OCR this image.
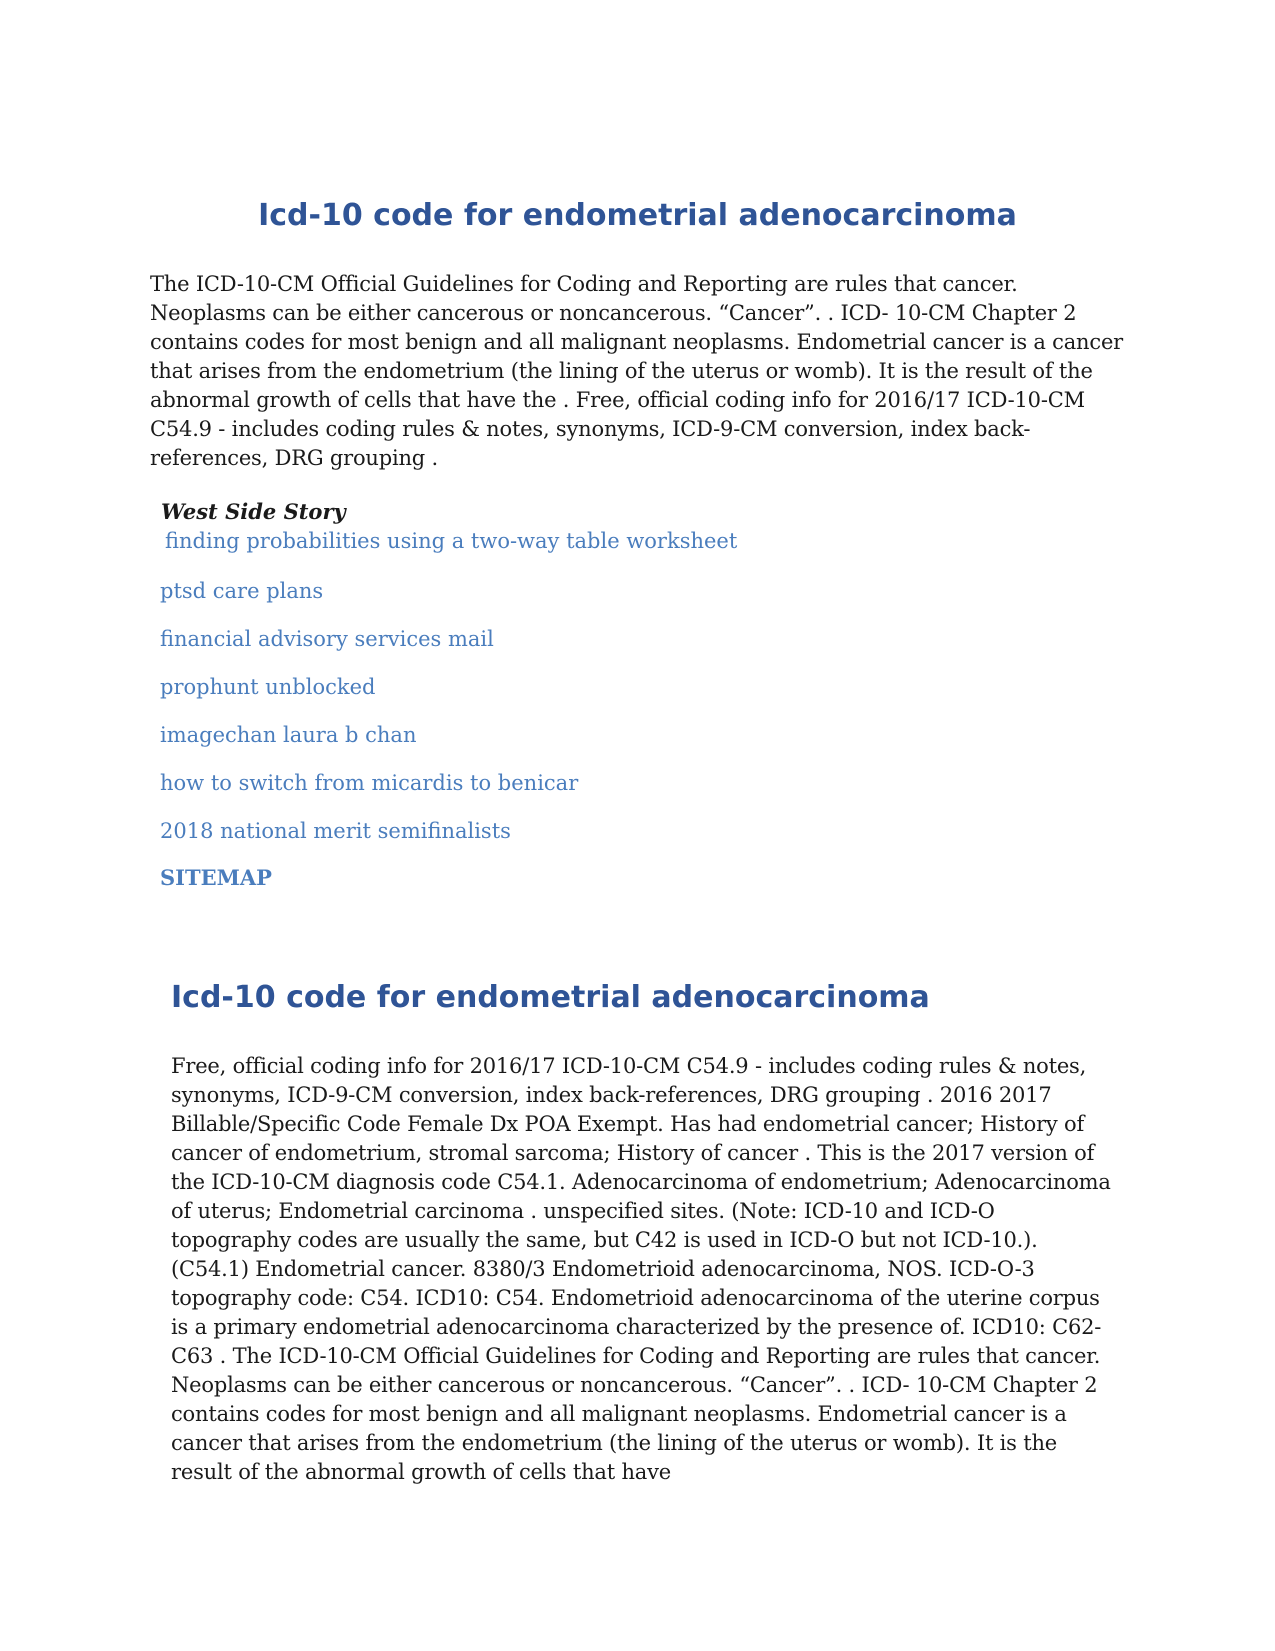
Icd-10 code for endometrial adenocarcinoma

The ICD-10-CM Official Guidelines for Coding and Reporting are rules that cancer. Neoplasms can be either cancerous or noncancerous. “Cancer”. . ICD- 10-CM Chapter 2 contains codes for most benign and all malignant neoplasms. Endometrial cancer is a cancer that arises from the endometrium (the lining of the uterus or womb). It is the result of the abnormal growth of cells that have the . Free, official coding info for 2016/17 ICD-10-CM C54.9 - includes coding rules & notes, synonyms, ICD-9-CM conversion, index back-references, DRG grouping .

West Side Story

finding probabilities using a two-way table worksheet
ptsd care plans
financial advisory services mail
prophunt unblocked
imagechan laura b chan
how to switch from micardis to benicar
2018 national merit semifinalists

SITEMAP

Icd-10 code for endometrial adenocarcinoma

Free, official coding info for 2016/17 ICD-10-CM C54.9 - includes coding rules & notes, synonyms, ICD-9-CM conversion, index back-references, DRG grouping . 2016 2017 Billable/Specific Code Female Dx POA Exempt. Has had endometrial cancer; History of cancer of endometrium, stromal sarcoma; History of cancer . This is the 2017 version of the ICD-10-CM diagnosis code C54.1. Adenocarcinoma of endometrium; Adenocarcinoma of uterus; Endometrial carcinoma . unspecified sites. (Note: ICD-10 and ICD-O topography codes are usually the same, but C42 is used in ICD-O but not ICD-10.). (C54.1) Endometrial cancer. 8380/3 Endometrioid adenocarcinoma, NOS. ICD-O-3 topography code: C54. ICD10: C54. Endometrioid adenocarcinoma of the uterine corpus is a primary endometrial adenocarcinoma characterized by the presence of. ICD10: C62- C63 . The ICD-10-CM Official Guidelines for Coding and Reporting are rules that cancer. Neoplasms can be either cancerous or noncancerous. “Cancer”. . ICD- 10-CM Chapter 2 contains codes for most benign and all malignant neoplasms. Endometrial cancer is a cancer that arises from the endometrium (the lining of the uterus or womb). It is the result of the abnormal growth of cells that have
